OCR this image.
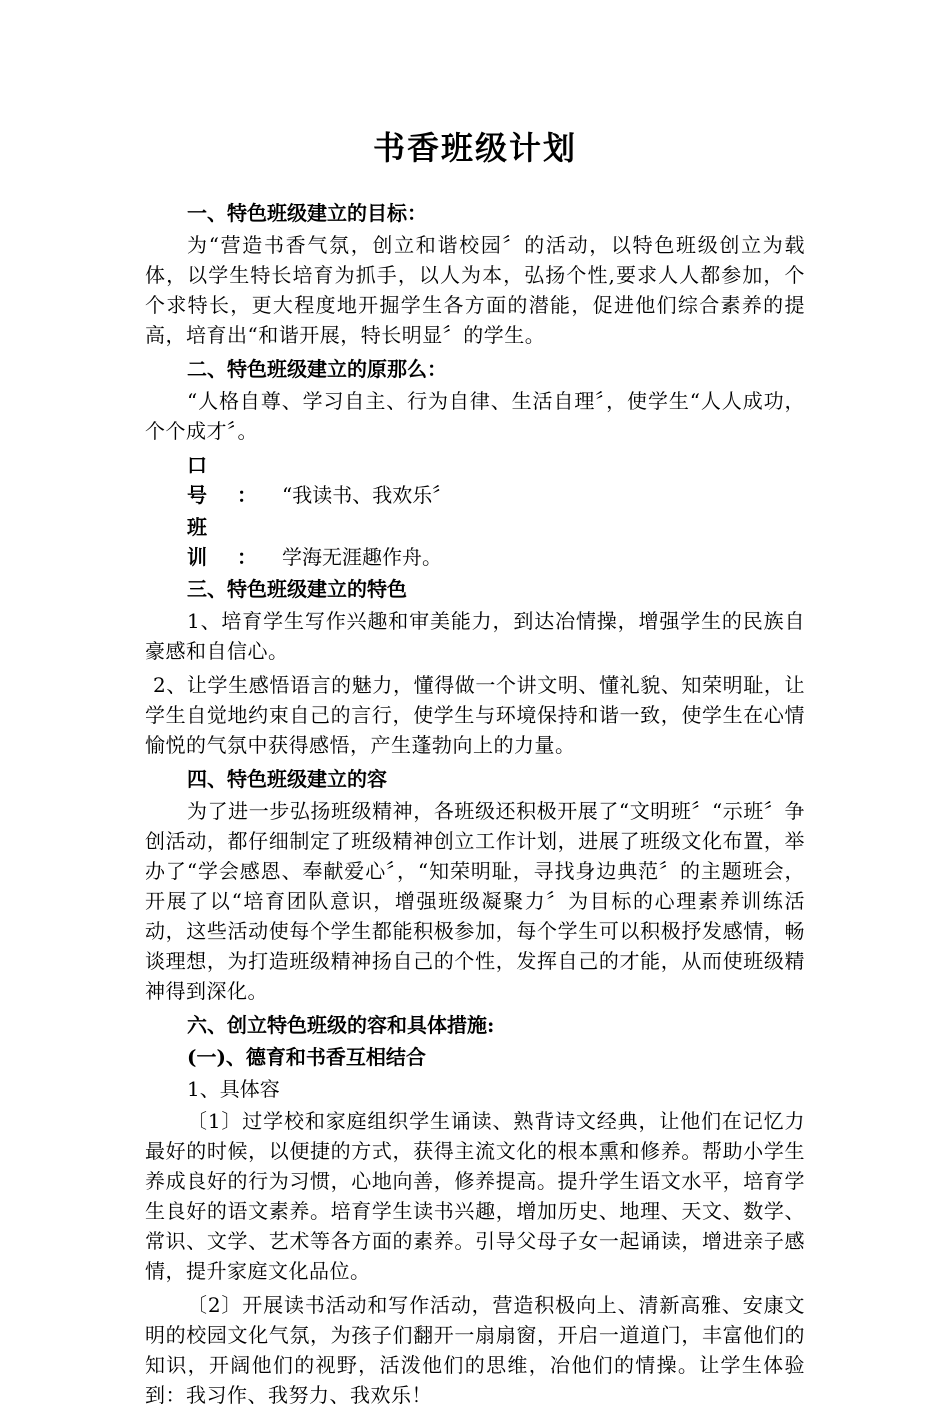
书香班级计划
一、特色班级建立的目标：
为“营造书香气氛，创立和谐校园〞的活动，以特色班级创立为载体，以学生特长培育为抓手，以人为本，弘扬个性,要求人人都参加，个个求特长，更大程度地开掘学生各方面的潜能，促进他们综合素养的提高，培育出“和谐开展，特长明显〞的学生。
二、特色班级建立的原那么：
“人格自尊、学习自主、行为自律、生活自理〞，使学生“人人成功，个个成才〞。
口号：“我读书、我欢乐〞
班训：学海无涯趣作舟。
三、特色班级建立的特色
1、培育学生写作兴趣和审美能力，到达冶情操，增强学生的民族自豪感和自信心。
2、让学生感悟语言的魅力，懂得做一个讲文明、懂礼貌、知荣明耻，让学生自觉地约束自己的言行，使学生与环境保持和谐一致，使学生在心情愉悦的气氛中获得感悟，产生蓬勃向上的力量。
四、特色班级建立的容
为了进一步弘扬班级精神，各班级还积极开展了“文明班〞“示班〞争创活动，都仔细制定了班级精神创立工作计划，进展了班级文化布置，举办了“学会感恩、奉献爱心〞，“知荣明耻，寻找身边典范〞的主题班会，开展了以“培育团队意识，增强班级凝聚力〞为目标的心理素养训练活动，这些活动使每个学生都能积极参加，每个学生可以积极抒发感情，畅谈理想，为打造班级精神扬自己的个性，发挥自己的才能，从而使班级精神得到深化。
六、创立特色班级的容和具体措施:
(一)、德育和书香互相结合
1、具体容
〔1〕过学校和家庭组织学生诵读、熟背诗文经典，让他们在记忆力最好的时候，以便捷的方式，获得主流文化的根本熏和修养。帮助小学生养成良好的行为习惯，心地向善，修养提高。提升学生语文水平，培育学生良好的语文素养。培育学生读书兴趣，增加历史、地理、天文、数学、常识、文学、艺术等各方面的素养。引导父母子女一起诵读，增进亲子感情，提升家庭文化品位。
〔2〕开展读书活动和写作活动，营造积极向上、清新高雅、安康文明的校园文化气氛，为孩子们翻开一扇扇窗，开启一道道门，丰富他们的知识，开阔他们的视野，活泼他们的思维，冶他们的情操。让学生体验到：我习作、我努力、我欢乐！
